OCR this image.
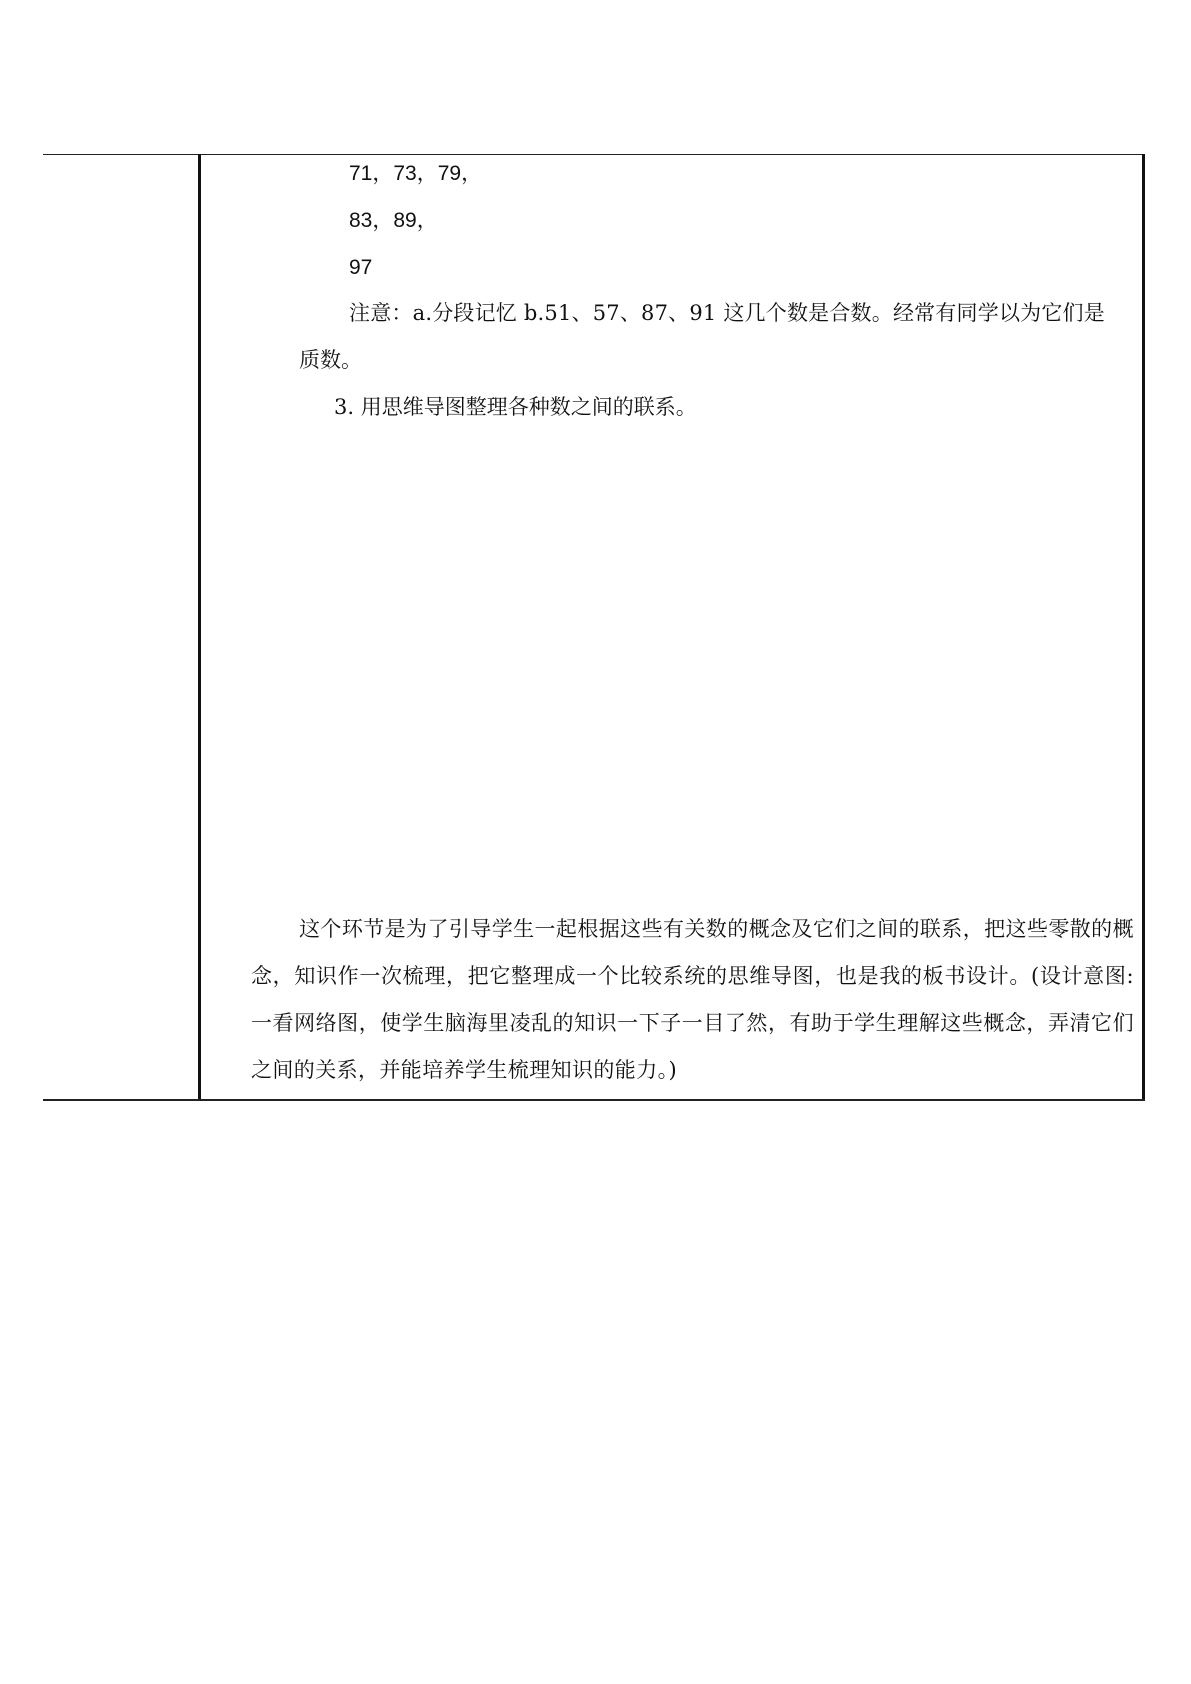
71，73，79，
83，89，
97
注意：a.分段记忆 b.51、57、87、91 这几个数是合数。经常有同学以为它们是
质数。
3. 用思维导图整理各种数之间的联系。
这个环节是为了引导学生一起根据这些有关数的概念及它们之间的联系，把这些零散的概念，知识作一次梳理，把它整理成一个比较系统的思维导图，也是我的板书设计。(设计意图:一看网络图，使学生脑海里凌乱的知识一下子一目了然，有助于学生理解这些概念，弄清它们之间的关系，并能培养学生梳理知识的能力。)
